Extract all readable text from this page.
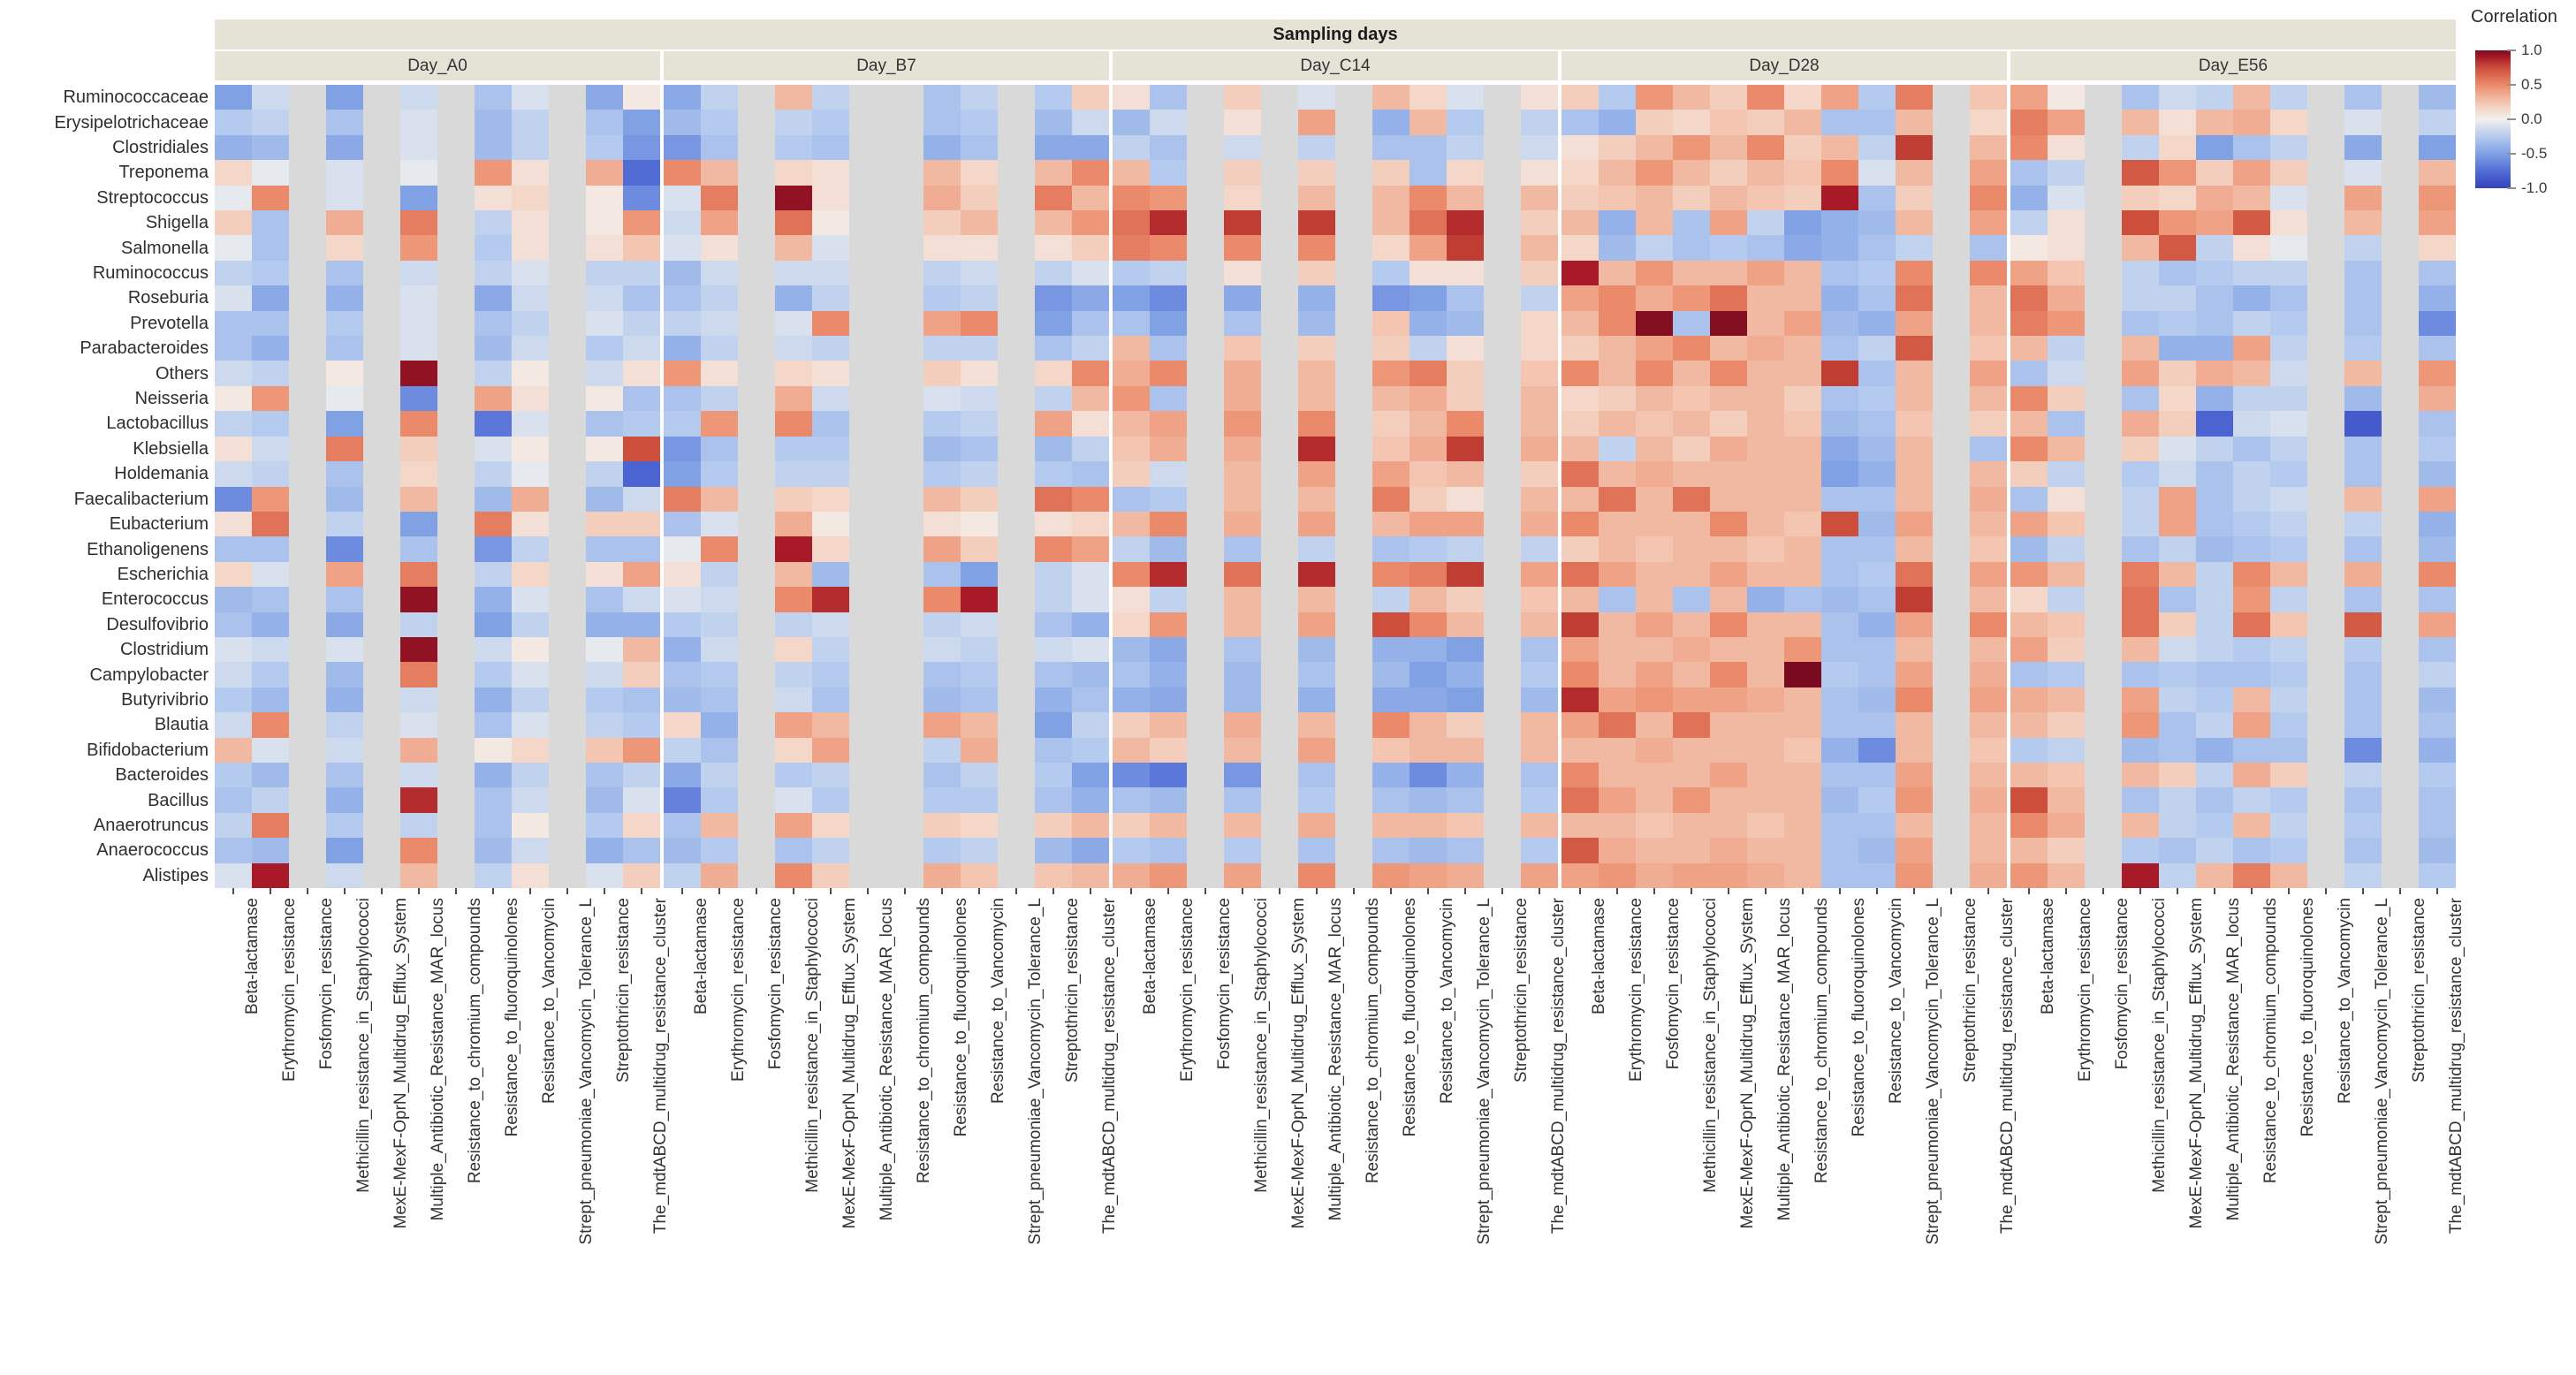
Sampling days
Day_A0	Day_B7	Day_C14	Day_D28	Day_E56
Ruminococcaceae
Erysipelotrichaceae
Clostridiales
Treponema
Streptococcus
Shigella
Salmonella
Ruminococcus
Roseburia
Prevotella
Parabacteroides
Others
Neisseria
Lactobacillus
Klebsiella
Holdemania
Faecalibacterium
Eubacterium
Ethanoligenens
Escherichia
Enterococcus
Desulfovibrio
Clostridium
Campylobacter
Butyrivibrio
Blautia
Bifidobacterium
Bacteroides
Bacillus
Anaerotruncus
Anaerococcus
Alistipes
Beta-lactamase Erythromycin_resistance Fosfomycin_resistance Methicillin_resistance_in_Staphylococci MexE-MexF-OprN_Multidrug_Efflux_System Multiple_Antibiotic_Resistance_MAR_locus Resistance_to_chromium_compounds Resistance_to_fluoroquinolones Resistance_to_Vancomycin Strept_pneumoniae_Vancomycin_Tolerance_L Streptothricin_resistance The_mdtABCD_multidrug_resistance_cluster Beta-lactamase Erythromycin_resistance Fosfomycin_resistance Methicillin_resistance_in_Staphylococci MexE-MexF-OprN_Multidrug_Efflux_System Multiple_Antibiotic_Resistance_MAR_locus Resistance_to_chromium_compounds Resistance_to_fluoroquinolones Resistance_to_Vancomycin Strept_pneumoniae_Vancomycin_Tolerance_L Streptothricin_resistance The_mdtABCD_multidrug_resistance_cluster Beta-lactamase Erythromycin_resistance Fosfomycin_resistance Methicillin_resistance_in_Staphylococci MexE-MexF-OprN_Multidrug_Efflux_System Multiple_Antibiotic_Resistance_MAR_locus Resistance_to_chromium_compounds Resistance_to_fluoroquinolones Resistance_to_Vancomycin Strept_pneumoniae_Vancomycin_Tolerance_L Streptothricin_resistance The_mdtABCD_multidrug_resistance_cluster Beta-lactamase Erythromycin_resistance Fosfomycin_resistance Methicillin_resistance_in_Staphylococci MexE-MexF-OprN_Multidrug_Efflux_System Multiple_Antibiotic_Resistance_MAR_locus Resistance_to_chromium_compounds Resistance_to_fluoroquinolones Resistance_to_Vancomycin Strept_pneumoniae_Vancomycin_Tolerance_L Streptothricin_resistance The_mdtABCD_multidrug_resistance_cluster Beta-lactamase Erythromycin_resistance Fosfomycin_resistance Methicillin_resistance_in_Staphylococci MexE-MexF-OprN_Multidrug_Efflux_System Multiple_Antibiotic_Resistance_MAR_locus Resistance_to_chromium_compounds Resistance_to_fluoroquinolones Resistance_to_Vancomycin Strept_pneumoniae_Vancomycin_Tolerance_L Streptothricin_resistance The_mdtABCD_multidrug_resistance_cluster
Correlation
1.0
0.5
0.0
-0.5
-1.0
